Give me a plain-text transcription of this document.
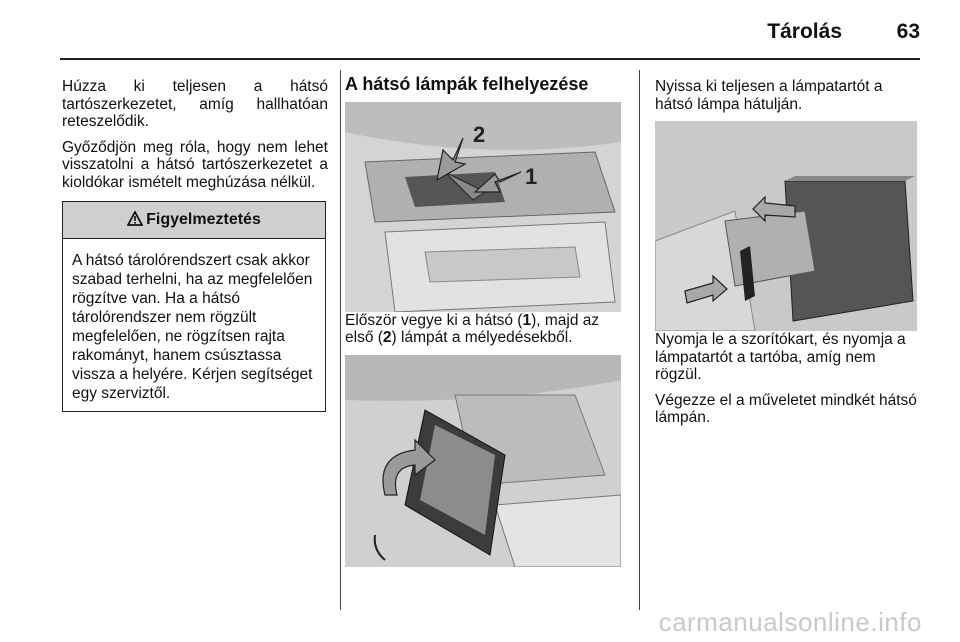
Tárolás	63

Húzza ki teljesen a hátsó tartószerkezetet, amíg hallhatóan reteszelődik.

Győződjön meg róla, hogy nem lehet visszatolni a hátsó tartószerkezetet a kioldókar ismételt meghúzása nélkül.

Figyelmeztetés
A hátsó tárolórendszert csak akkor szabad terhelni, ha az megfelelően rögzítve van. Ha a hátsó tárolórendszer nem rögzült megfelelően, ne rögzítsen rajta rakományt, hanem csúsztassa vissza a helyére. Kérjen segítséget egy szerviztől.
A hátsó lámpák felhelyezése
2
1

Először vegye ki a hátsó (1), majd az első (2) lámpát a mélyedésekből.

Nyissa ki teljesen a lámpatartót a hátsó lámpa hátulján.

Nyomja le a szorítókart, és nyomja a lámpatartót a tartóba, amíg nem rögzül.

Végezze el a műveletet mindkét hátsó lámpán.

carmanualsonline.info
